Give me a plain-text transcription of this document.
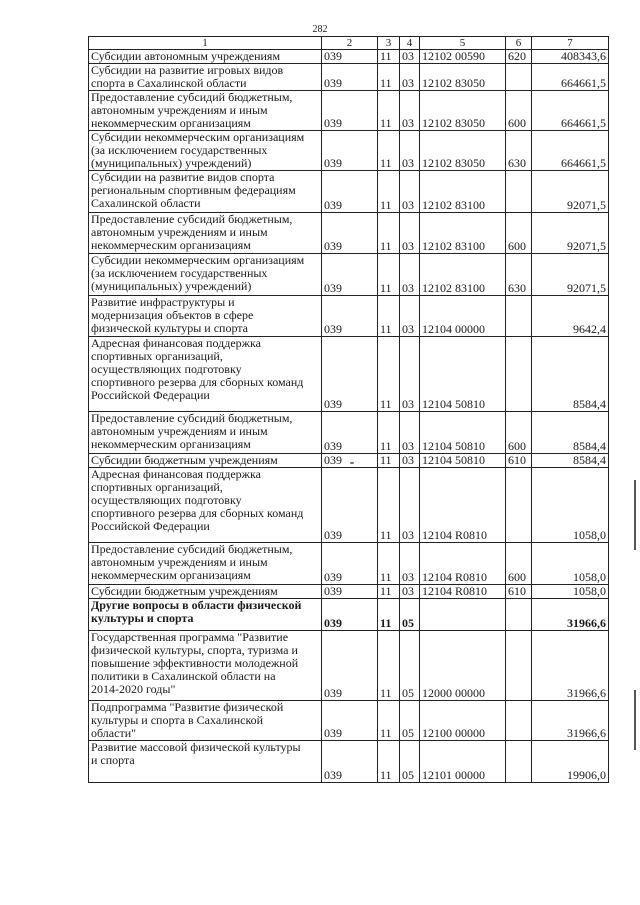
282
1	2	3	4	5	6	7
Субсидии автономным учреждениям	039	11	03	12102 00590	620	408343,6
Субсидии на развитие игровых видов
спорта в Сахалинской области	039	11	03	12102 83050		664661,5
Предоставление субсидий бюджетным,
автономным учреждениям и иным
некоммерческим организациям	039	11	03	12102 83050	600	664661,5
Субсидии некоммерческим организациям
(за исключением государственных
(муниципальных) учреждений)	039	11	03	12102 83050	630	664661,5
Субсидии на развитие видов спорта
региональным спортивным федерациям
Сахалинской области	039	11	03	12102 83100		92071,5
Предоставление субсидий бюджетным,
автономным учреждениям и иным
некоммерческим организациям	039	11	03	12102 83100	600	92071,5
Субсидии некоммерческим организациям
(за исключением государственных
(муниципальных) учреждений)	039	11	03	12102 83100	630	92071,5
Развитие инфраструктуры и
модернизация объектов в сфере
физической культуры и спорта	039	11	03	12104 00000		9642,4
Адресная финансовая поддержка
спортивных организаций,
осуществляющих подготовку
спортивного резерва для сборных команд
Российской Федерации	039	11	03	12104 50810		8584,4
Предоставление субсидий бюджетным,
автономным учреждениям и иным
некоммерческим организациям	039	11	03	12104 50810	600	8584,4
Субсидии бюджетным учреждениям	039	11	03	12104 50810	610	8584,4
Адресная финансовая поддержка
спортивных организаций,
осуществляющих подготовку
спортивного резерва для сборных команд
Российской Федерации	039	11	03	12104 R0810		1058,0
Предоставление субсидий бюджетным,
автономным учреждениям и иным
некоммерческим организациям	039	11	03	12104 R0810	600	1058,0
Субсидии бюджетным учреждениям	039	11	03	12104 R0810	610	1058,0
Другие вопросы в области физической
культуры и спорта	039	11	05			31966,6
Государственная программа "Развитие
физической культуры, спорта, туризма и
повышение эффективности молодежной
политики в Сахалинской области на
2014-2020 годы"	039	11	05	12000 00000		31966,6
Подпрограмма "Развитие физической
культуры и спорта в Сахалинской
области"	039	11	05	12100 00000		31966,6
Развитие массовой физической культуры
и спорта	039	11	05	12101 00000		19906,0
